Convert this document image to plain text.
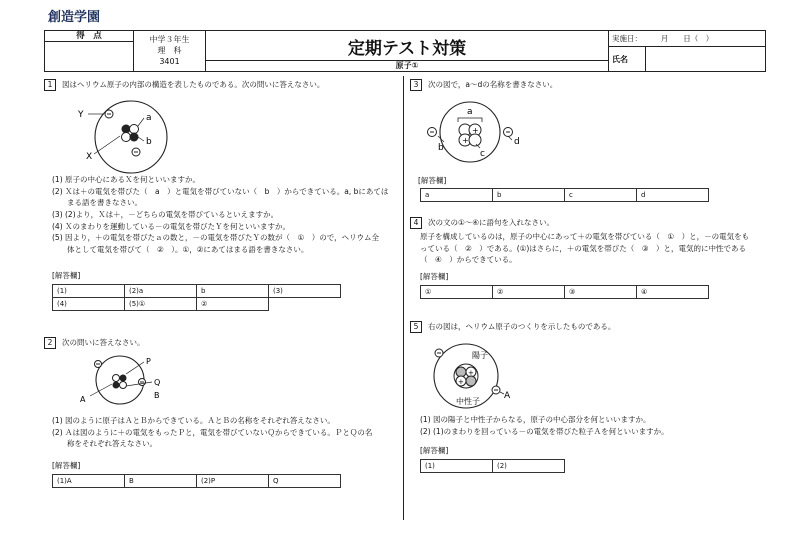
創造学園
得　点	中学３年生
理　科
3401
定期テスト対策
原子①
実施日：　　　月　　日（　）
氏名
1 図はヘリウム原子の内部の構造を表したものである。次の問いに答えなさい。
Y	a
b
X
(1) 原子の中心にあるＸを何といいますか。
(2) Ｘは＋の電気を帯びた（　a　）と電気を帯びていない（　b　）からできている。a, bにあては
　　まる語を書きなさい。
(3) (2)より，Ｘは＋，－どちらの電気を帯びているといえますか。
(4) Ｘのまわりを運動している－の電気を帯びたＹを何といいますか。
(5) 因より，＋の電気を帯びたａの数と，－の電気を帯びたＹの数が（　①　）ので，ヘリウム全
　　体として電気を帯びて（　②　）。①，②にあてはまる語を書きなさい。
[解答欄]
(1)	(2)a	b	(3)
(4)	(5)①	②	
2 次の問いに答えなさい。
P
Q
A	B
(1) 図のように原子はＡとＢからできている。ＡとＢの名称をそれぞれ答えなさい。
(2) Ａは図のように＋の電気をもったＰと，電気を帯びていないＱからできている。ＰとＱの名
　　称をそれぞれ答えなさい。
[解答欄]
(1)A	B	(2)P	Q
3 次の図で，a～dの名称を書きなさい。
+
+
a
b
c
d
[解答欄]
a	b	c	d
4 次の文の①～④に語句を入れなさい。
原子を構成しているのは，原子の中心にあって＋の電気を帯びている（　①　）と，－の電気をも
っている（　②　）である。(①)はさらに，＋の電気を帯びた（　③　）と，電気的に中性である
（　④　）からできている。
[解答欄]
①	②	③	④
5 右の図は，ヘリウム原子のつくりを示したものである。
+
+
陽子
中性子
A
(1) 図の陽子と中性子からなる，原子の中心部分を何といいますか。
(2) (1)のまわりを回っている－の電気を帯びた粒子Ａを何といいますか。
[解答欄]
(1)	(2)
